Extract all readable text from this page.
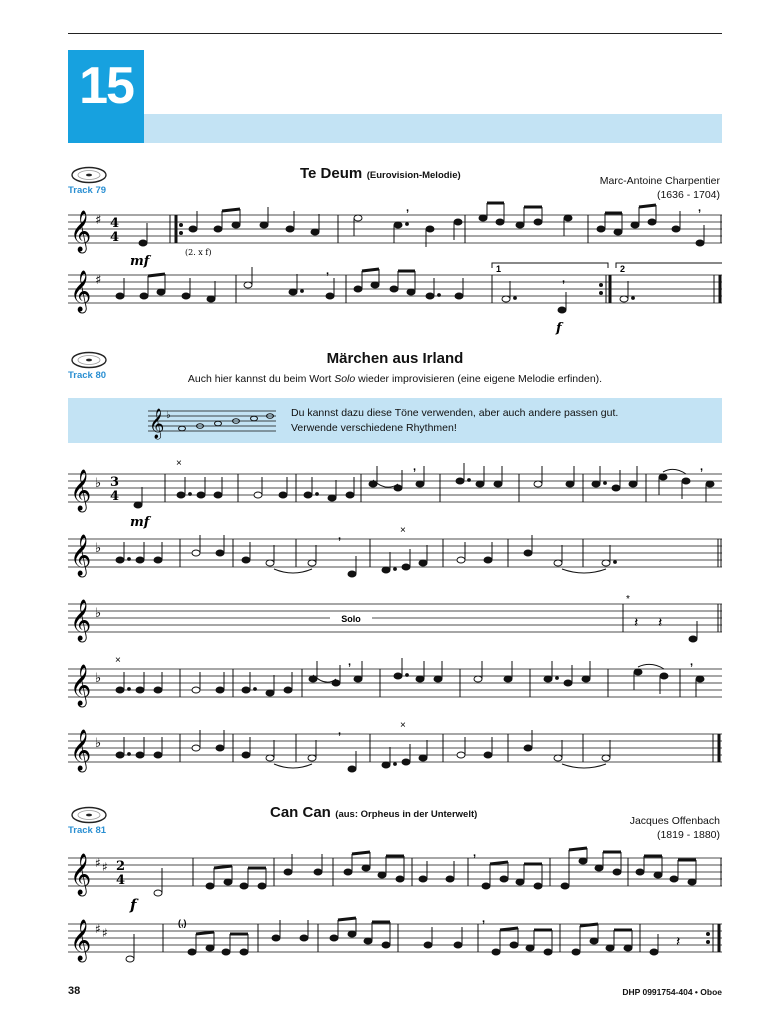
15
Track 79
Te Deum (Eurovision-Melodie)	Marc-Antoine Charpentier
(1636 - 1704)
𝄞 ♯ 4
4
mf
(2. x f)
,	,
𝄞 ♯
f
1	2
,
,
Track 80
Märchen aus Irland
Auch hier kannst du beim Wort Solo wieder improvisieren (eine eigene Melodie erfinden).
𝄞 ♭	Du kannst dazu diese Töne verwenden, aber auch andere passen gut.
Verwende verschiedene Rhythmen!
𝄞 ♭ 3
4
mf
×	,	,
𝄞 ♭
×
,
𝄞 ♭	Solo
*
𝄽 𝄽
𝄞 ♭
×	,	,
𝄞 ♭
×
,
Track 81
Can Can (aus: Orpheus in der Unterwelt)
Jacques Offenbach
(1819 - 1880)
𝄞 ♯ ♯ 2
4
f
,
𝄞 ♯ ♯
(,)
𝄽
,
38	DHP 0991754-404 • Oboe
